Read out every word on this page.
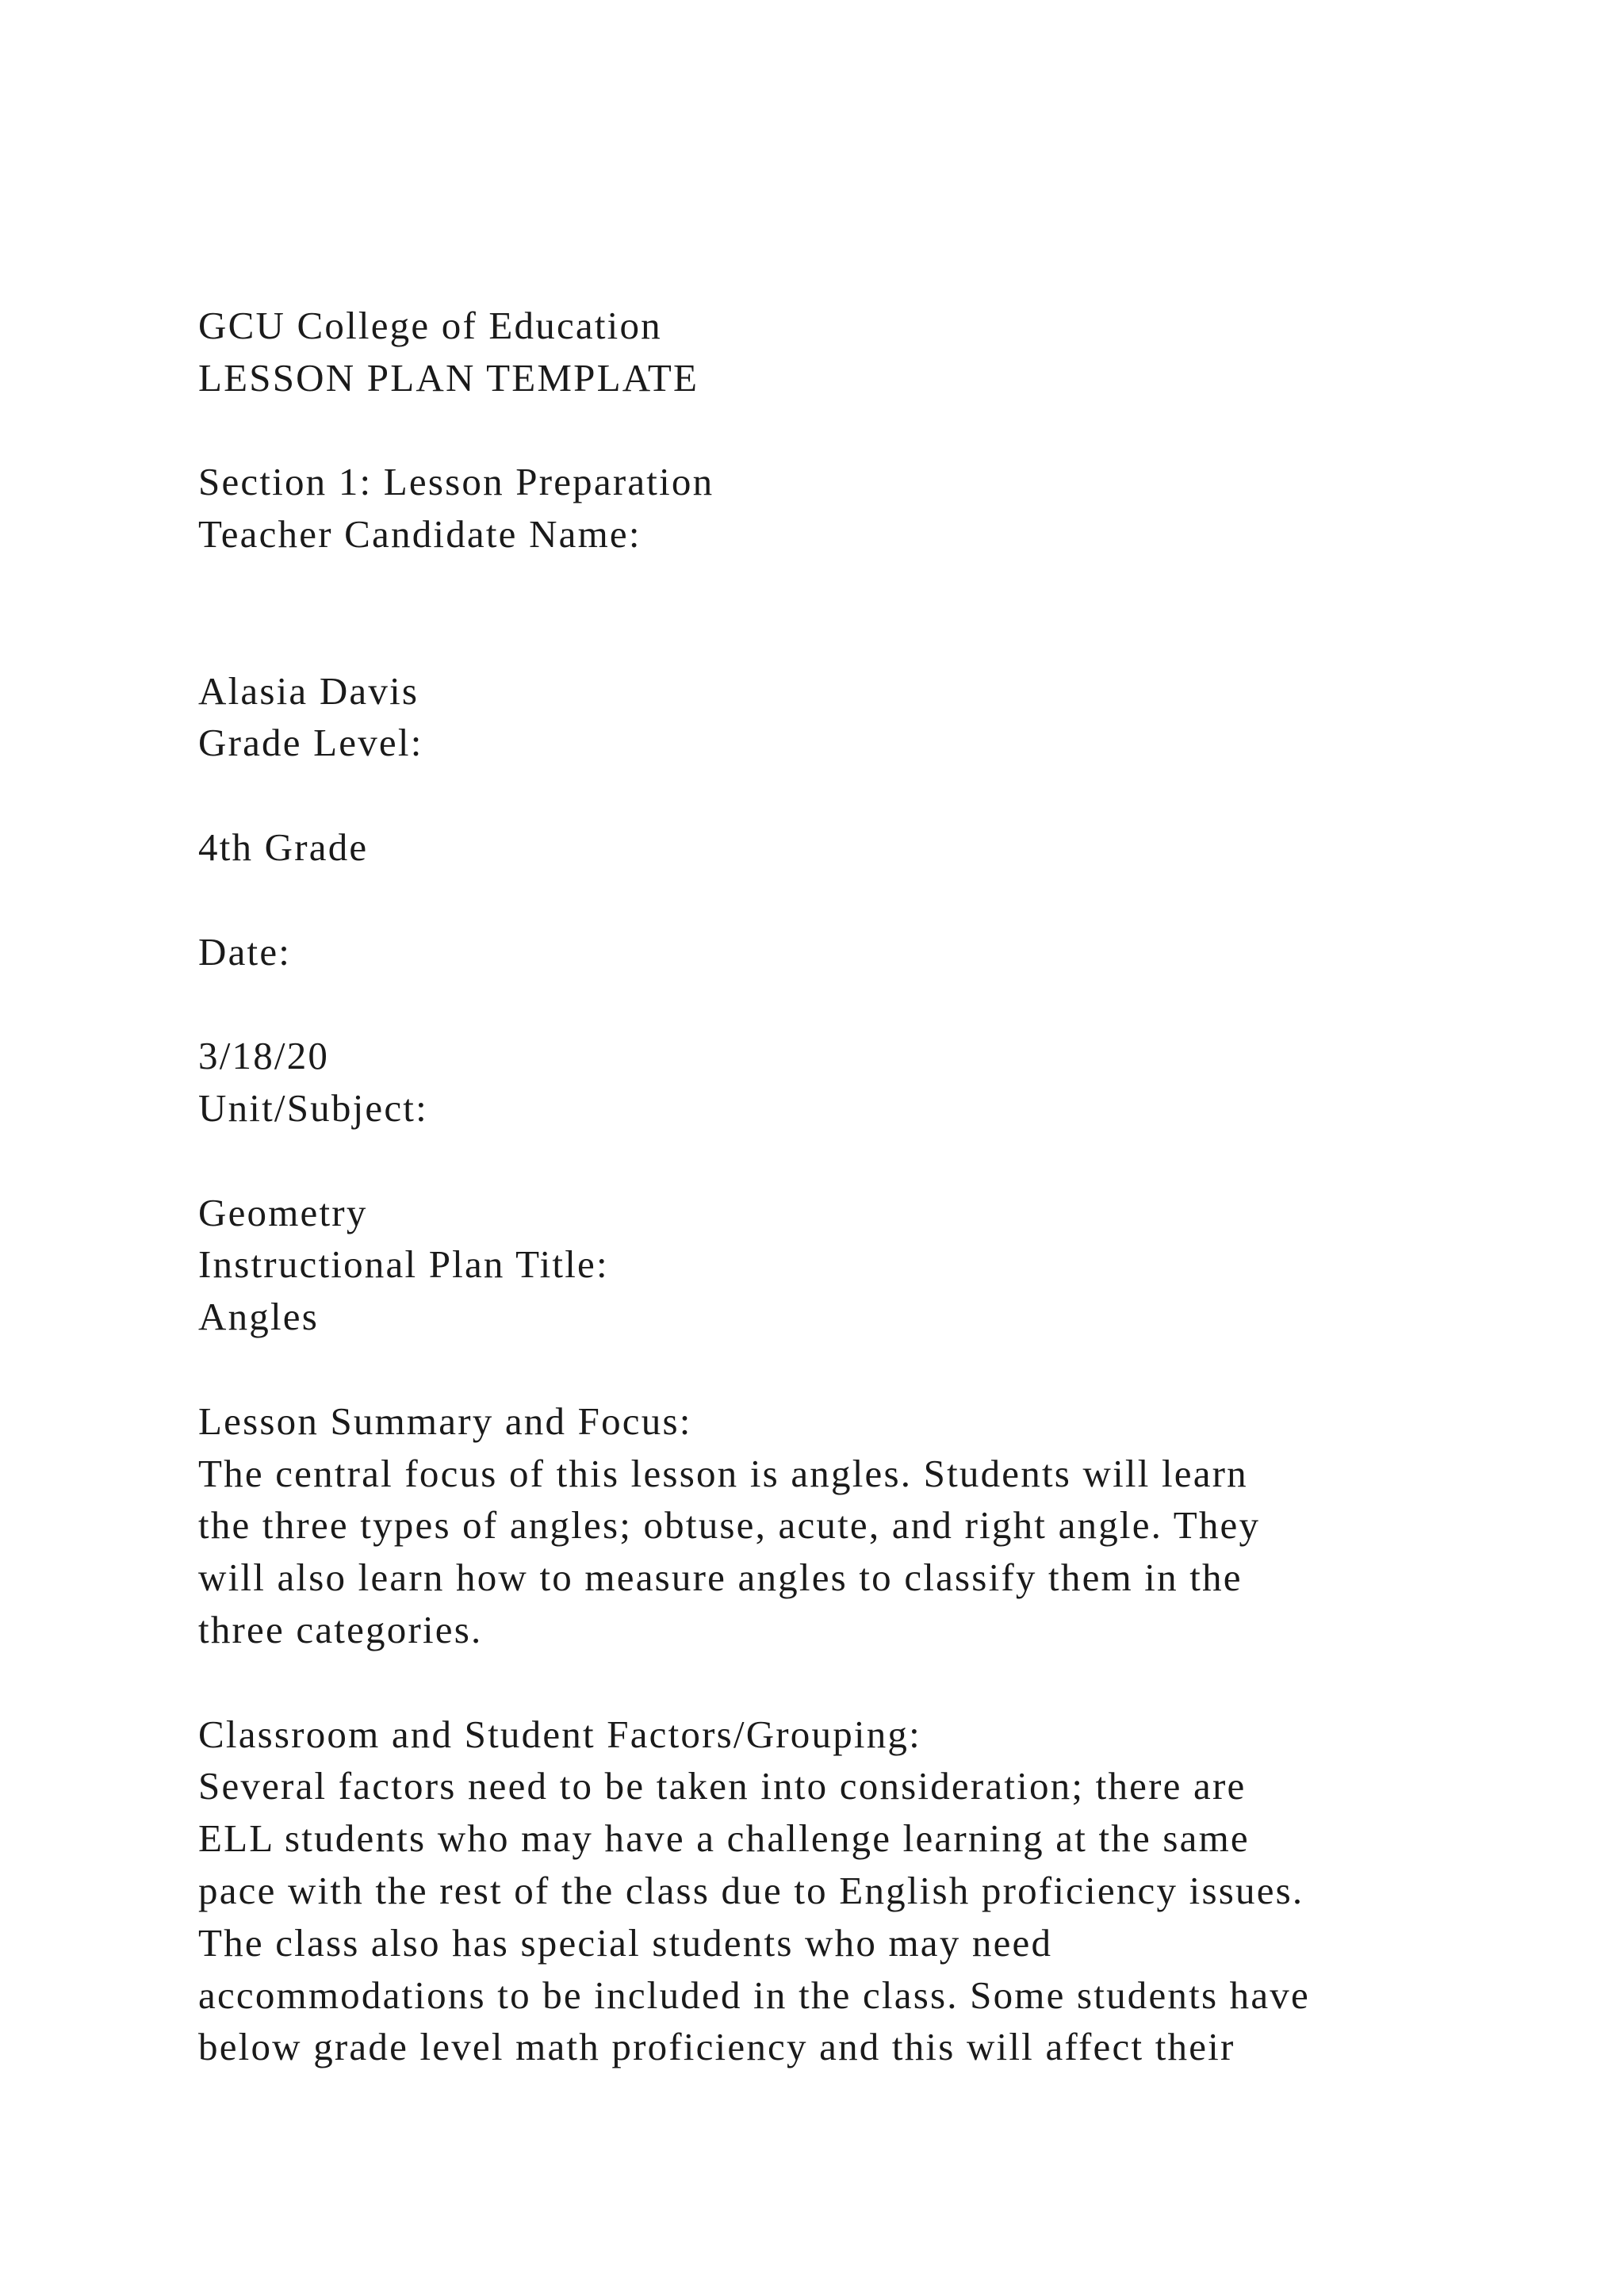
GCU College of Education
LESSON PLAN TEMPLATE
Section 1: Lesson Preparation
Teacher Candidate Name:
Alasia Davis
Grade Level:
4th Grade
Date:
3/18/20
Unit/Subject:
Geometry
Instructional Plan Title:
Angles
Lesson Summary and Focus:
The central focus of this lesson is angles. Students will learn
the three types of angles; obtuse, acute, and right angle. They
will also learn how to measure angles to classify them in the
three categories.
Classroom and Student Factors/Grouping:
Several factors need to be taken into consideration; there are
ELL students who may have a challenge learning at the same
pace with the rest of the class due to English proficiency issues.
The class also has special students who may need
accommodations to be included in the class. Some students have
below grade level math proficiency and this will affect their
